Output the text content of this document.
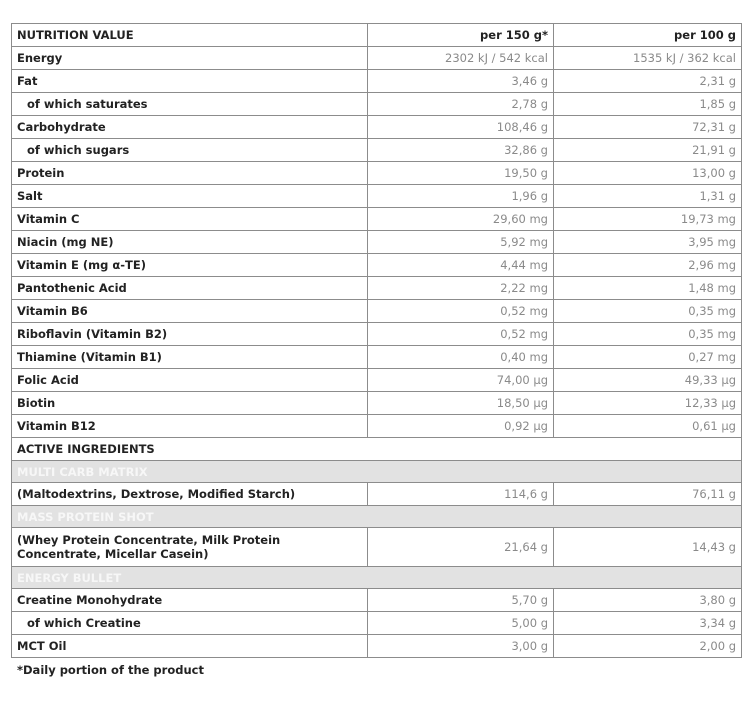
NUTRITION VALUE	per 150 g*	per 100 g
Energy	2302 kJ / 542 kcal	1535 kJ / 362 kcal
Fat	3,46 g	2,31 g
of which saturates	2,78 g	1,85 g
Carbohydrate	108,46 g	72,31 g
of which sugars	32,86 g	21,91 g
Protein	19,50 g	13,00 g
Salt	1,96 g	1,31 g
Vitamin C	29,60 mg	19,73 mg
Niacin (mg NE)	5,92 mg	3,95 mg
Vitamin E (mg α-TE)	4,44 mg	2,96 mg
Pantothenic Acid	2,22 mg	1,48 mg
Vitamin B6	0,52 mg	0,35 mg
Riboflavin (Vitamin B2)	0,52 mg	0,35 mg
Thiamine (Vitamin B1)	0,40 mg	0,27 mg
Folic Acid	74,00 µg	49,33 µg
Biotin	18,50 µg	12,33 µg
Vitamin B12	0,92 µg	0,61 µg
ACTIVE INGREDIENTS		
MULTI CARB MATRIX		
(Maltodextrins, Dextrose, Modified Starch)	114,6 g	76,11 g
MASS PROTEIN SHOT		
(Whey Protein Concentrate, Milk Protein Concentrate, Micellar Casein)	21,64 g	14,43 g
ENERGY BULLET		
Creatine Monohydrate	5,70 g	3,80 g
of which Creatine	5,00 g	3,34 g
MCT Oil	3,00 g	2,00 g
*Daily portion of the product
